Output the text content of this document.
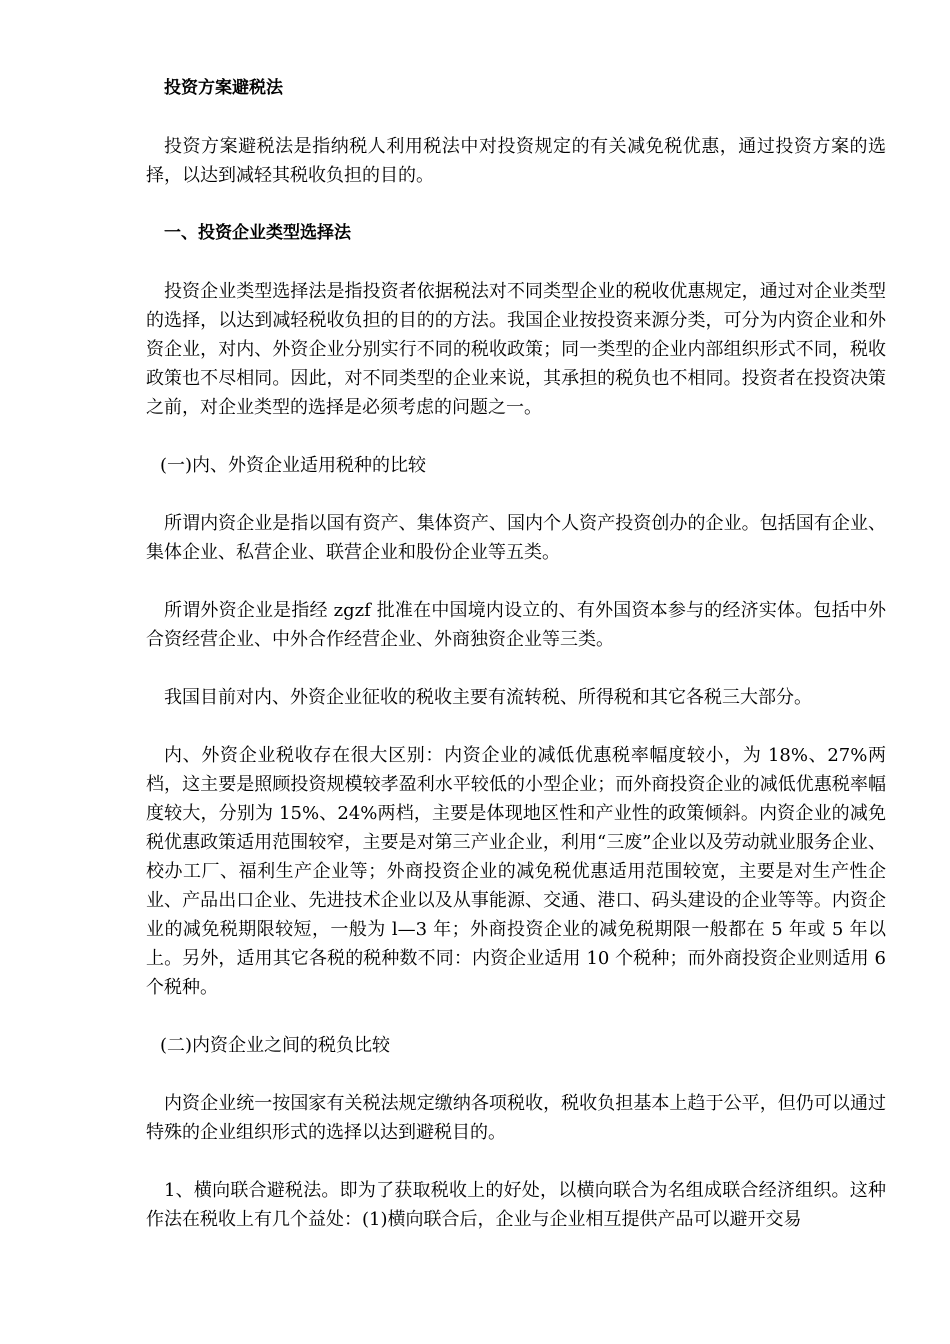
投资方案避税法

投资方案避税法是指纳税人利用税法中对投资规定的有关减免税优惠，通过投资方案的选择，以达到减轻其税收负担的目的。

一、投资企业类型选择法

投资企业类型选择法是指投资者依据税法对不同类型企业的税收优惠规定，通过对企业类型的选择，以达到减轻税收负担的目的的方法。我国企业按投资来源分类，可分为内资企业和外资企业，对内、外资企业分别实行不同的税收政策；同一类型的企业内部组织形式不同，税收政策也不尽相同。因此，对不同类型的企业来说，其承担的税负也不相同。投资者在投资决策之前，对企业类型的选择是必须考虑的问题之一。

(一)内、外资企业适用税种的比较

所谓内资企业是指以国有资产、集体资产、国内个人资产投资创办的企业。包括国有企业、集体企业、私营企业、联营企业和股份企业等五类。

所谓外资企业是指经 zgzf 批准在中国境内设立的、有外国资本参与的经济实体。包括中外合资经营企业、中外合作经营企业、外商独资企业等三类。

我国目前对内、外资企业征收的税收主要有流转税、所得税和其它各税三大部分。

内、外资企业税收存在很大区别：内资企业的减低优惠税率幅度较小，为 18%、27%两档，这主要是照顾投资规模较孝盈利水平较低的小型企业；而外商投资企业的减低优惠税率幅度较大，分别为 15%、24%两档，主要是体现地区性和产业性的政策倾斜。内资企业的减免税优惠政策适用范围较窄，主要是对第三产业企业，利用“三废”企业以及劳动就业服务企业、校办工厂、福利生产企业等；外商投资企业的减免税优惠适用范围较宽，主要是对生产性企业、产品出口企业、先进技术企业以及从事能源、交通、港口、码头建设的企业等等。内资企业的减免税期限较短，一般为 l—3 年；外商投资企业的减免税期限一般都在 5 年或 5 年以上。另外，适用其它各税的税种数不同：内资企业适用 10 个税种；而外商投资企业则适用 6 个税种。

(二)内资企业之间的税负比较

内资企业统一按国家有关税法规定缴纳各项税收，税收负担基本上趋于公平，但仍可以通过特殊的企业组织形式的选择以达到避税目的。

1、横向联合避税法。即为了获取税收上的好处，以横向联合为名组成联合经济组织。这种作法在税收上有几个益处：(1)横向联合后，企业与企业相互提供产品可以避开交易
